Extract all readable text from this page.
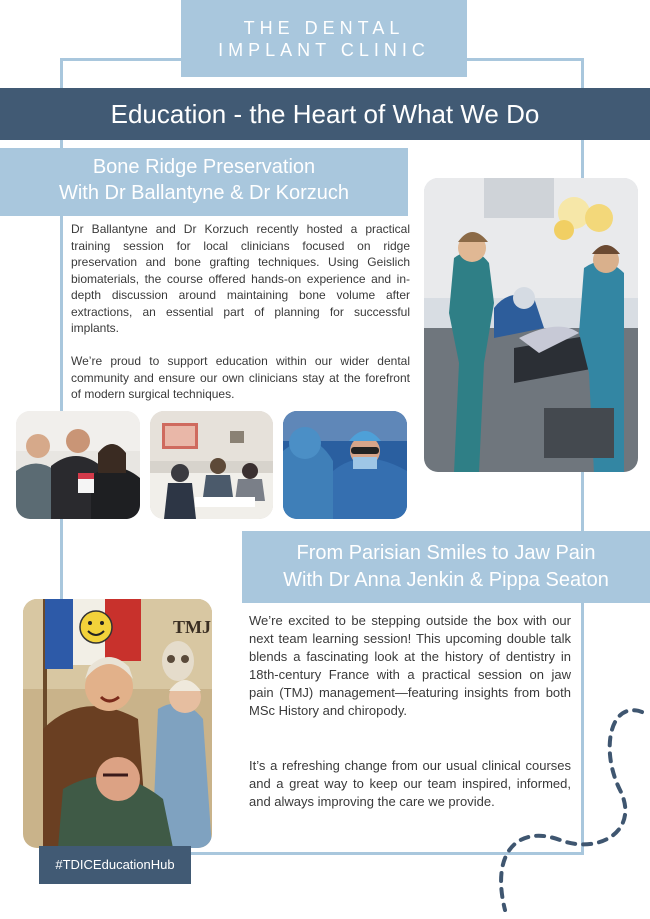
THE DENTAL
IMPLANT CLINIC
Education - the Heart of What We Do
Bone Ridge Preservation
With Dr Ballantyne & Dr Korzuch

Dr Ballantyne and Dr Korzuch recently hosted a practical training session for local clinicians focused on ridge preservation and bone grafting techniques. Using Geislich biomaterials, the course offered hands-on experience and in-depth discussion around maintaining bone volume after extractions, an essential part of planning for successful implants.

We’re proud to support education within our wider dental community and ensure our own clinicians stay at the forefront of modern surgical techniques.

From Parisian Smiles to Jaw Pain
With Dr Anna Jenkin & Pippa Seaton
TMJ	We’re excited to be stepping outside the box with our next team learning session! This upcoming double talk blends a fascinating look at the history of dentistry in 18th-century France with a practical session on jaw pain (TMJ) management—featuring insights from both MSc History and chiropody.

It’s a refreshing change from our usual clinical courses and a great way to keep our team inspired, informed, and always improving the care we provide.

#TDICEducationHub
